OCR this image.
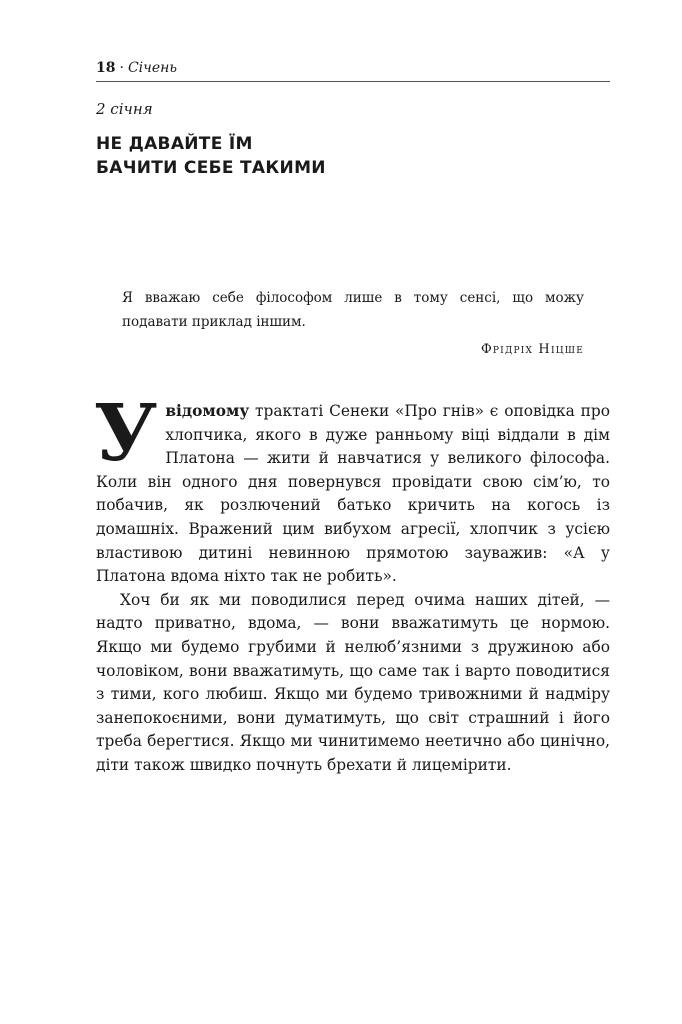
18 · Січень
2 січня
НЕ ДАВАЙТЕ ЇМ
БАЧИТИ СЕБЕ ТАКИМИ
Я вважаю себе філософом лише в тому сенсі, що можу подавати приклад іншим.
Фрідріх Ніцше

Увідомому трактаті Сенеки «Про гнів» є оповідка про хлопчика, якого в дуже ранньому віці віддали в дім Платона — жити й навчатися у великого філософа. Коли він одного дня повернувся провідати свою сім’ю, то побачив, як розлючений батько кричить на когось із домашніх. Вражений цим вибухом агресії, хлопчик з усією властивою дитині невинною прямотою зауважив: «А у Платона вдома ніхто так не робить».

Хоч би як ми поводилися перед очима наших дітей, — надто приватно, вдома, — вони вважатимуть це нормою. Якщо ми будемо грубими й нелюб’язними з дружиною або чоловіком, вони вважатимуть, що саме так і варто поводитися з тими, кого любиш. Якщо ми будемо тривожними й надміру занепокоєними, вони думатимуть, що світ страшний і його треба берегтися. Якщо ми чинитимемо неетично або цинічно, діти також швидко почнуть брехати й лицемірити.
